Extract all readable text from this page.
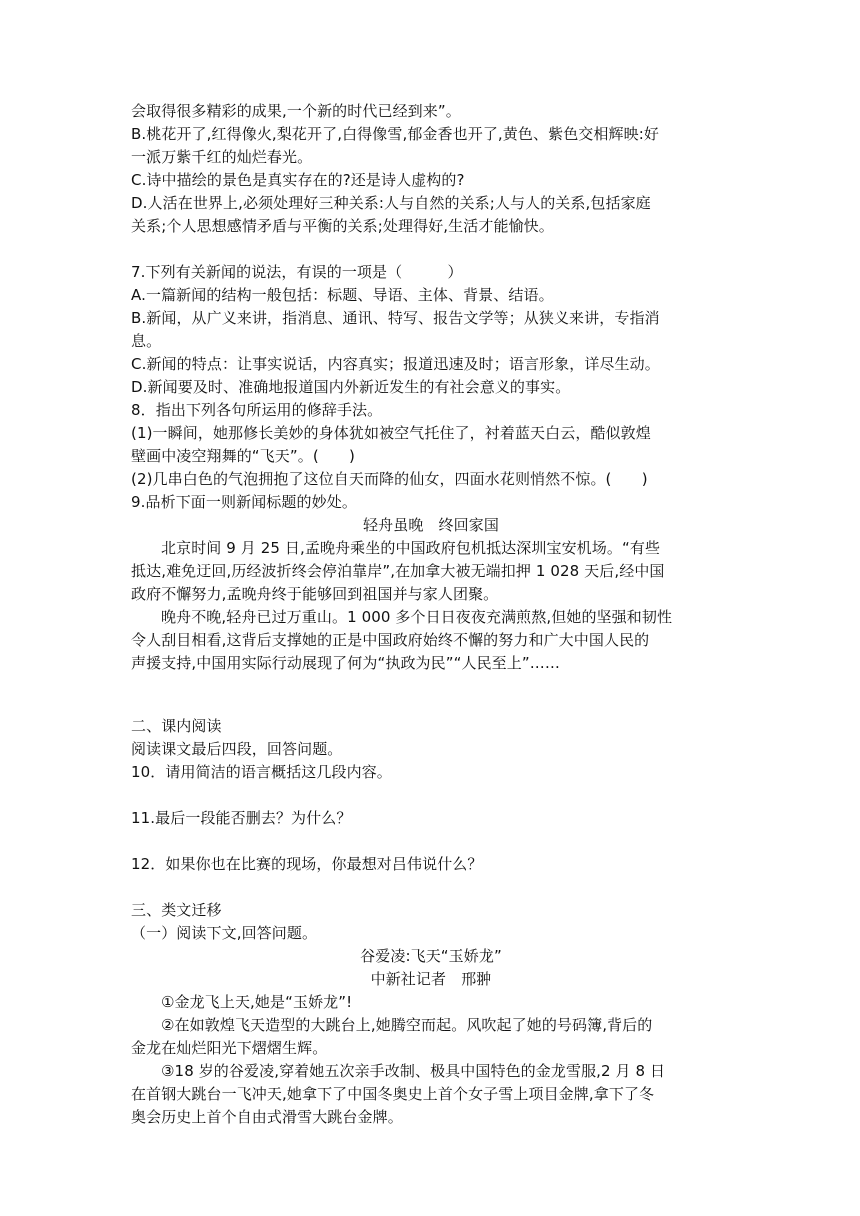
会取得很多精彩的成果,一个新的时代已经到来”。
B.桃花开了,红得像火,梨花开了,白得像雪,郁金香也开了,黄色、紫色交相辉映:好
一派万紫千红的灿烂春光。
C.诗中描绘的景色是真实存在的?还是诗人虚构的?
D.人活在世界上,必须处理好三种关系:人与自然的关系;人与人的关系,包括家庭
关系;个人思想感情矛盾与平衡的关系;处理得好,生活才能愉快。
7.下列有关新闻的说法，有误的一项是（　　　）
A.一篇新闻的结构一般包括：标题、导语、主体、背景、结语。
B.新闻，从广义来讲，指消息、通讯、特写、报告文学等；从狭义来讲，专指消
息。
C.新闻的特点：让事实说话，内容真实；报道迅速及时；语言形象，详尽生动。
D.新闻要及时、准确地报道国内外新近发生的有社会意义的事实。
8．指出下列各句所运用的修辞手法。
(1)一瞬间，她那修长美妙的身体犹如被空气托住了，衬着蓝天白云，酷似敦煌
壁画中凌空翔舞的“飞天”。(　　)
(2)几串白色的气泡拥抱了这位自天而降的仙女，四面水花则悄然不惊。(　　)
9.品析下面一则新闻标题的妙处。
轻舟虽晚　终回家国
北京时间 9 月 25 日,孟晚舟乘坐的中国政府包机抵达深圳宝安机场。“有些
抵达,难免迂回,历经波折终会停泊靠岸”,在加拿大被无端扣押 1 028 天后,经中国
政府不懈努力,孟晚舟终于能够回到祖国并与家人团聚。
晚舟不晚,轻舟已过万重山。1 000 多个日日夜夜充满煎熬,但她的坚强和韧性
令人刮目相看,这背后支撑她的正是中国政府始终不懈的努力和广大中国人民的
声援支持,中国用实际行动展现了何为“执政为民”“人民至上”……
二、课内阅读
阅读课文最后四段，回答问题。
10．请用简洁的语言概括这几段内容。
11.最后一段能否删去？为什么？
12．如果你也在比赛的现场，你最想对吕伟说什么？
三、类文迁移
（一）阅读下文,回答问题。
谷爱凌:飞天“玉娇龙”
中新社记者　邢翀
①金龙飞上天,她是“玉娇龙”!
②在如敦煌飞天造型的大跳台上,她腾空而起。风吹起了她的号码簿,背后的
金龙在灿烂阳光下熠熠生辉。
③18 岁的谷爱凌,穿着她五次亲手改制、极具中国特色的金龙雪服,2 月 8 日
在首钢大跳台一飞冲天,她拿下了中国冬奥史上首个女子雪上项目金牌,拿下了冬
奥会历史上首个自由式滑雪大跳台金牌。
